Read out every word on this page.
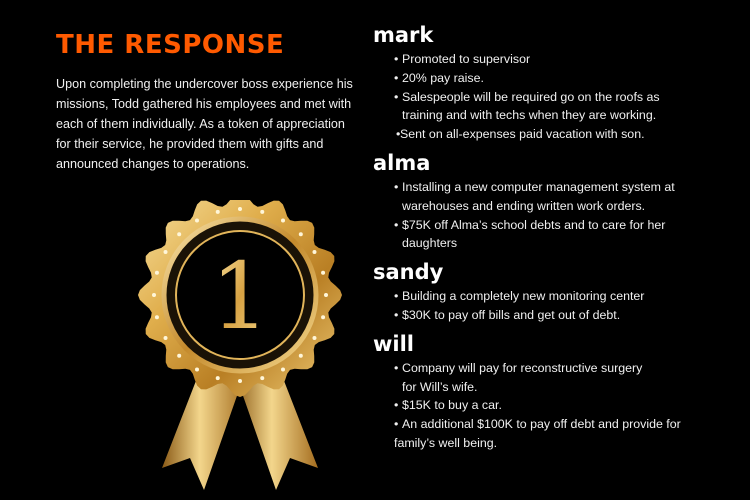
THE RESPONSE

Upon completing the undercover boss experience his missions, Todd gathered his employees and met with each of them individually. As a token of appreciation for their service, he provided them with gifts and announced changes to operations.

1
mark
• Promoted to supervisor
• 20% pay raise.
• Salespeople will be required go on the roofs as
training and with techs when they are working.
• Sent on all-expenses paid vacation with son.
alma
• Installing a new computer management system at
warehouses and ending written work orders.
• $75K off Alma’s school debts and to care for her
daughters
sandy
• Building a completely new monitoring center
• $30K to pay off bills and get out of debt.
will
• Company will pay for reconstructive surgery
for Will’s wife.
• $15K to buy a car.
• An additional $100K to pay off debt and provide for
family’s well being.
